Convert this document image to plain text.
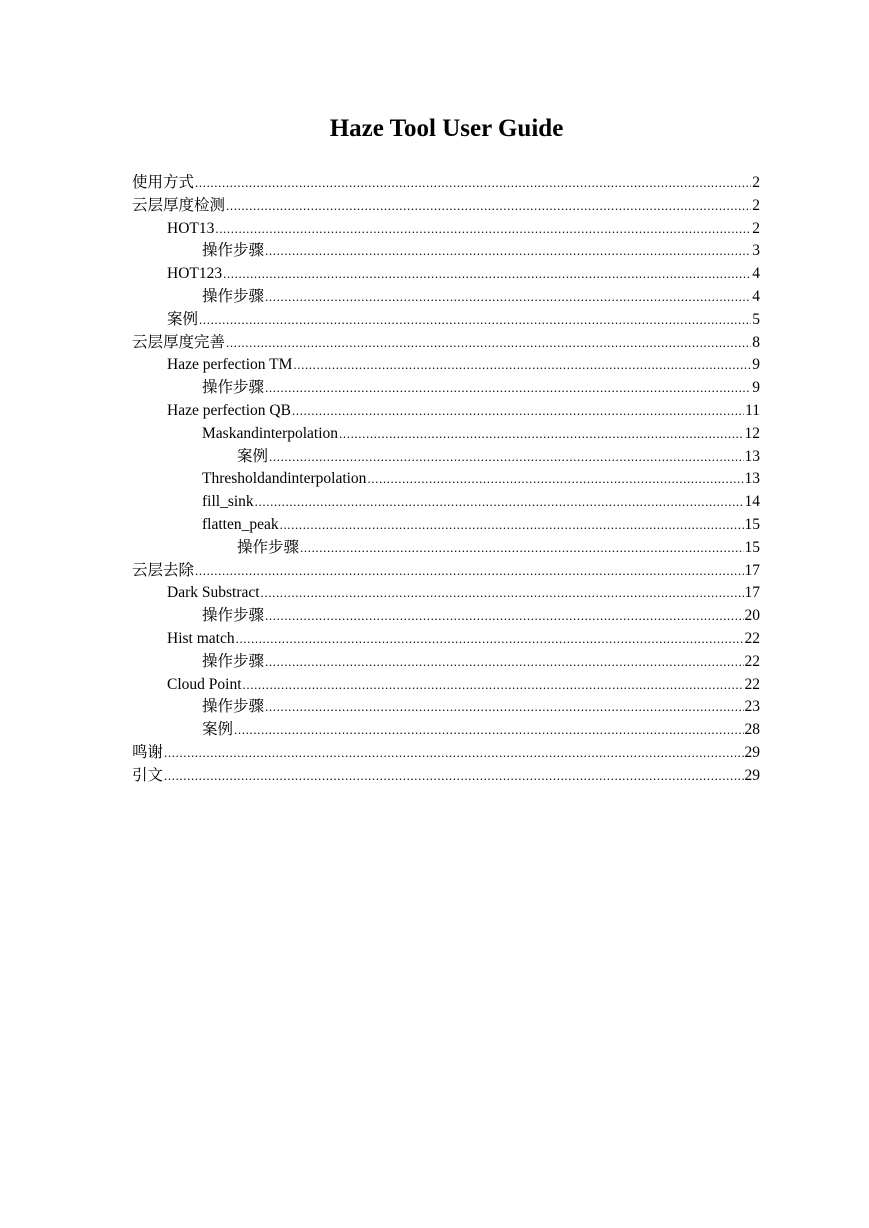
Haze Tool User Guide
使用方式 .....	2
云层厚度检测 .....	2
HOT13 .....	2
操作步骤 .....	3
HOT123 .....	4
操作步骤 .....	4
案例 .....	5
云层厚度完善 .....	8
Haze perfection TM .....	9
操作步骤 .....	9
Haze perfection QB .....	11
Maskandinterpolation .....	12
案例 .....	13
Thresholdandinterpolation .....	13
fill_sink .....	14
flatten_peak .....	15
操作步骤 .....	15
云层去除 .....	17
Dark Substract .....	17
操作步骤 .....	20
Hist match .....	22
操作步骤 .....	22
Cloud Point .....	22
操作步骤 .....	23
案例 .....	28
鸣谢 .....	29
引文 .....	29
